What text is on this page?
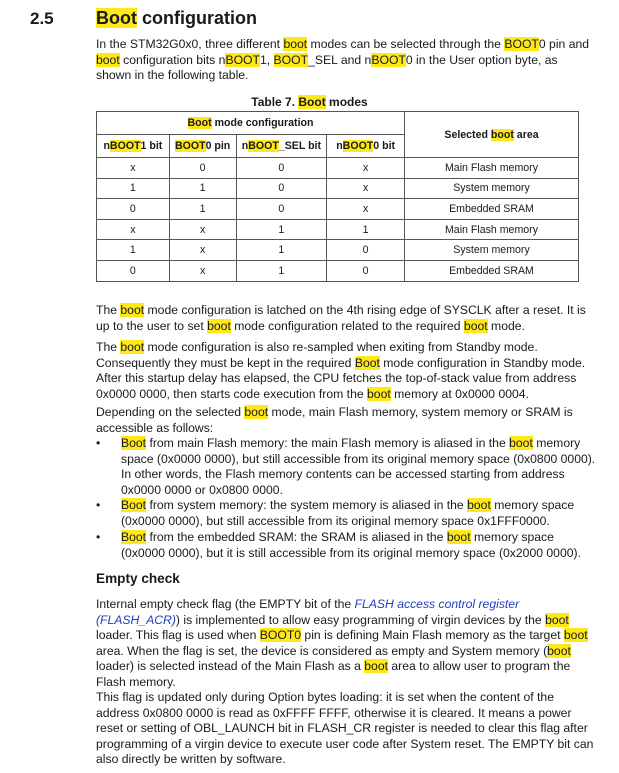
2.5 Boot configuration

In the STM32G0x0, three different boot modes can be selected through the BOOT0 pin and boot configuration bits nBOOT1, BOOT_SEL and nBOOT0 in the User option byte, as shown in the following table.

Table 7. Boot modes
Boot mode configuration				Selected boot area
nBOOT1 bit	BOOT0 pin	nBOOT_SEL bit	nBOOT0 bit	
x	0	0	x	Main Flash memory
1	1	0	x	System memory
0	1	0	x	Embedded SRAM
x	x	1	1	Main Flash memory
1	x	1	0	System memory
0	x	1	0	Embedded SRAM

The boot mode configuration is latched on the 4th rising edge of SYSCLK after a reset. It is up to the user to set boot mode configuration related to the required boot mode.

The boot mode configuration is also re-sampled when exiting from Standby mode. Consequently they must be kept in the required Boot mode configuration in Standby mode. After this startup delay has elapsed, the CPU fetches the top-of-stack value from address 0x0000 0000, then starts code execution from the boot memory at 0x0000 0004.

Depending on the selected boot mode, main Flash memory, system memory or SRAM is accessible as follows:

• Boot from main Flash memory: the main Flash memory is aliased in the boot memory space (0x0000 0000), but still accessible from its original memory space (0x0800 0000). In other words, the Flash memory contents can be accessed starting from address 0x0000 0000 or 0x0800 0000.

• Boot from system memory: the system memory is aliased in the boot memory space (0x0000 0000), but still accessible from its original memory space 0x1FFF0000.

• Boot from the embedded SRAM: the SRAM is aliased in the boot memory space (0x0000 0000), but it is still accessible from its original memory space (0x2000 0000).

Empty check

Internal empty check flag (the EMPTY bit of the FLASH access control register (FLASH_ACR)) is implemented to allow easy programming of virgin devices by the boot loader. This flag is used when BOOT0 pin is defining Main Flash memory as the target boot area. When the flag is set, the device is considered as empty and System memory (boot loader) is selected instead of the Main Flash as a boot area to allow user to program the Flash memory.

This flag is updated only during Option bytes loading: it is set when the content of the address 0x0800 0000 is read as 0xFFFF FFFF, otherwise it is cleared. It means a power reset or setting of OBL_LAUNCH bit in FLASH_CR register is needed to clear this flag after programming of a virgin device to execute user code after System reset. The EMPTY bit can also directly be written by software.
